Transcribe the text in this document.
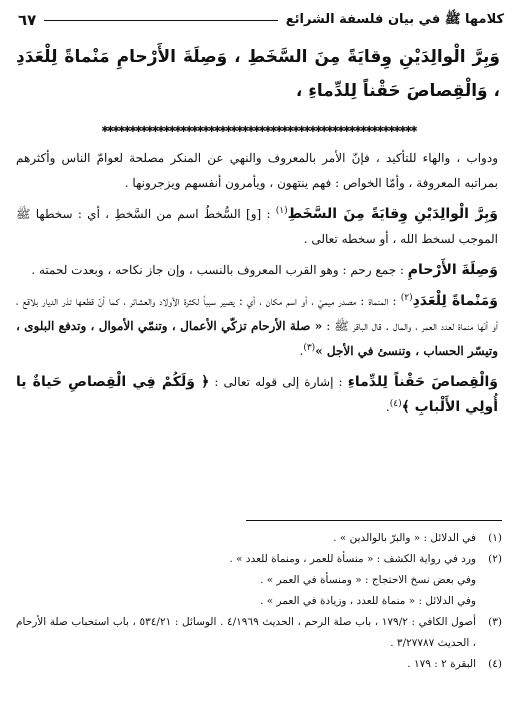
كلامها ﷺ في بيان فلسفة الشرائع
٦٧
وَبِرَّ الْوالِدَيْنِ وِقايَةً مِنَ السَّخَطِ ، وَصِلَةَ الأَرْحامِ مَنْماةً لِلْعَدَدِ ، وَالْقِصاصَ حَقْناً لِلدِّماءِ ،
✱✱✱✱✱✱✱✱✱✱✱✱✱✱✱✱✱✱✱✱✱✱✱✱✱✱✱✱✱✱✱✱✱✱✱✱✱✱✱✱✱✱✱✱✱✱✱✱✱✱✱✱✱✱✱✱

ودواب ، والهاء للتأكيد ، فإنّ الأمر بالمعروف والنهي عن المنكر مصلحة لعوامّ الناس وأكثرهم بمراتبه المعروفة ، وأمّا الخواص : فهم ينتهون ، ويأمرون أنفسهم ويزجرونها .

وَبِرَّ الْوالِدَيْنِ وِقايَةً مِنَ السَّخَطِ$^{(١)}$ : [و] السُّخطُ اسم من السَّخطِ ، أي : سخطها ﷺ الموجب لسخط الله ، أو سخطه تعالى .

وَصِلَةَ الأَرْحامِ : جمع رحم : وهو القرب المعروف بالنسب ، وإن جاز نكاحه ، وبعدت لحمته .

وَمَنْماةً لِلْعَدَدِ$^{(٢)}$ : المنماة : مصدر ميميّ ، أو اسم مكان ، أي : يصير سبباً لكثرة الأولاد والعشائر ، كما أنّ قطعها تذر الديار بلاقع ، أو أنّها منماة لعدد العمر ، والمال . قال الباقر ﷺ : « صلة الأرحام تزكّي الأعمال ، وتنمّي الأموال ، وتدفع البلوى ، وتيسّر الحساب ، وتنسئ في الأجل »$^{(٣)}$.

وَالْقِصاصَ حَقْناً لِلدِّماءِ : إشارة إلى قوله تعالى : ﴿ وَلَكُمْ فِي الْقِصاصِ حَياةٌ يا أُولِي الأَلْبابِ ﴾$^{(٤)}$.

(١)
في الدلائل : « والبرّ بالوالدين » .

(٢)
ورد في رواية الكشف : « منسأة للعمر ، ومنماة للعدد » .

وفي بعض نسخ الاحتجاج : « ومنسأة في العمر » .

وفي الدلائل : « منماة للعدد ، وزيادة في العمر » .

(٣)
أصول الكافي : ١٧٩/٢ ، باب صلة الرحم ، الحديث ٤/١٩٦٩ . الوسائل : ٥٣٤/٢١ ، باب استحباب صلة الأرحام ، الحديث ٣/٢٧٧٨٧ .

(٤)
البقرة ٢ : ١٧٩ .
